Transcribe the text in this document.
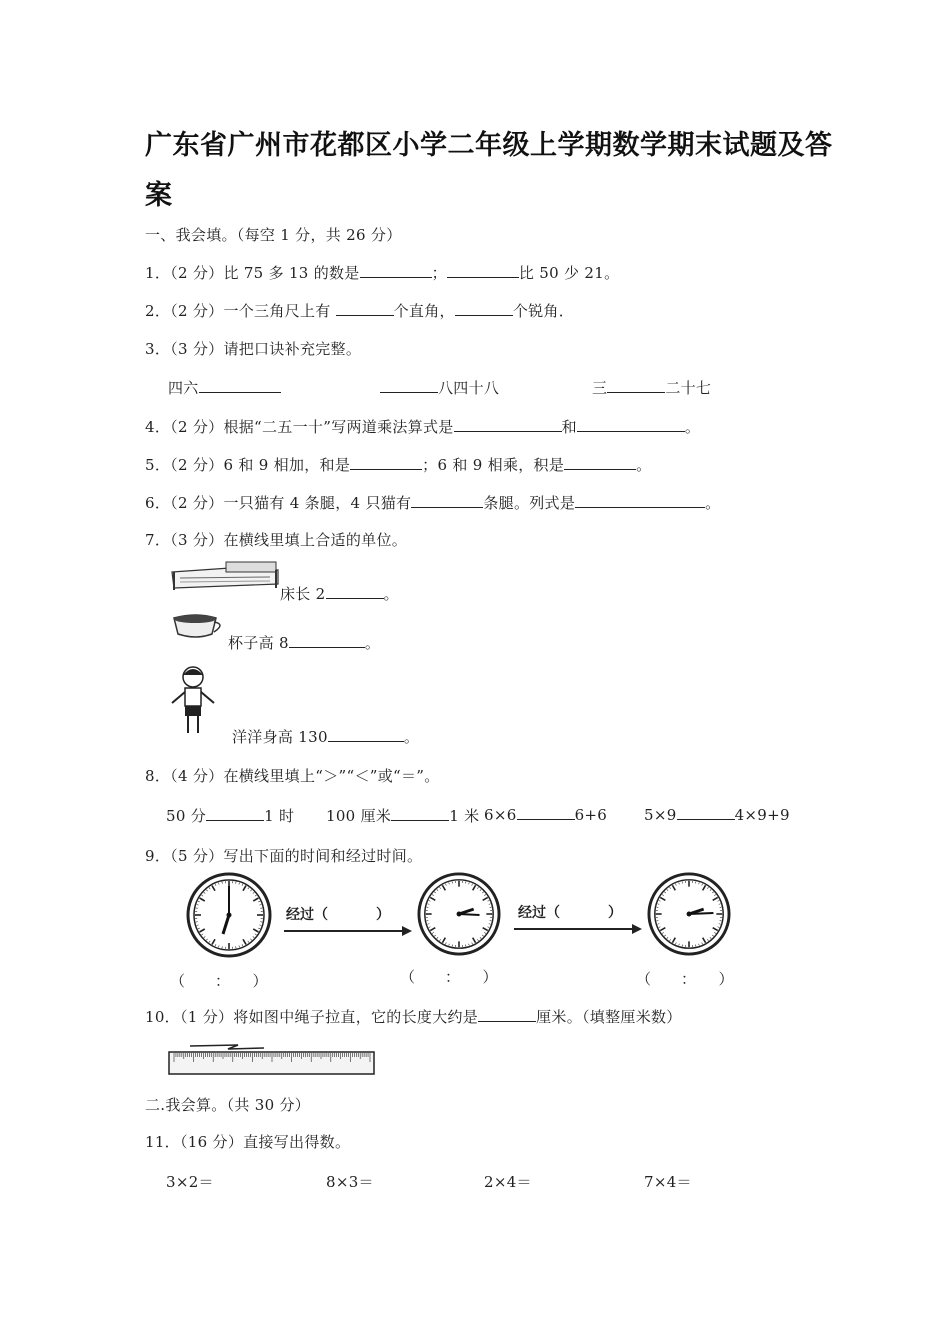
广东省广州市花都区小学二年级上学期数学期末试题及答
案
一、我会填。（每空 1 分，共 26 分）
1．（2 分）比 75 多 13 的数是	；	比 50 少 21。
2．（2 分）一个三角尺上有	个直角，	个锐角．
3．（3 分）请把口诀补充完整。
四六	八四十八	三	二十七
4．（2 分）根据“二五一十”写两道乘法算式是	和	。
5．（2 分）6 和 9 相加，和是	；6 和 9 相乘，积是	。
6．（2 分）一只猫有 4 条腿，4 只猫有	条腿。列式是	。
7．（3 分）在横线里填上合适的单位。
床长 2	。
杯子高 8	。
洋洋身高 130	。
8．（4 分）在横线里填上“＞”“＜”或“＝”。
50 分	1 时 100 厘米	1 米 6×6	6+6 5×9	4×9+9
9．（5 分）写出下面的时间和经过时间。
经过（	）	经过（	）
（　　：　　）	（　　：　　）	（　　：　　）
10．（1 分）将如图中绳子拉直，它的长度大约是	厘米。（填整厘米数）
二.我会算。（共 30 分）
11．（16 分）直接写出得数。
3×2＝	8×3＝	2×4＝	7×4＝
